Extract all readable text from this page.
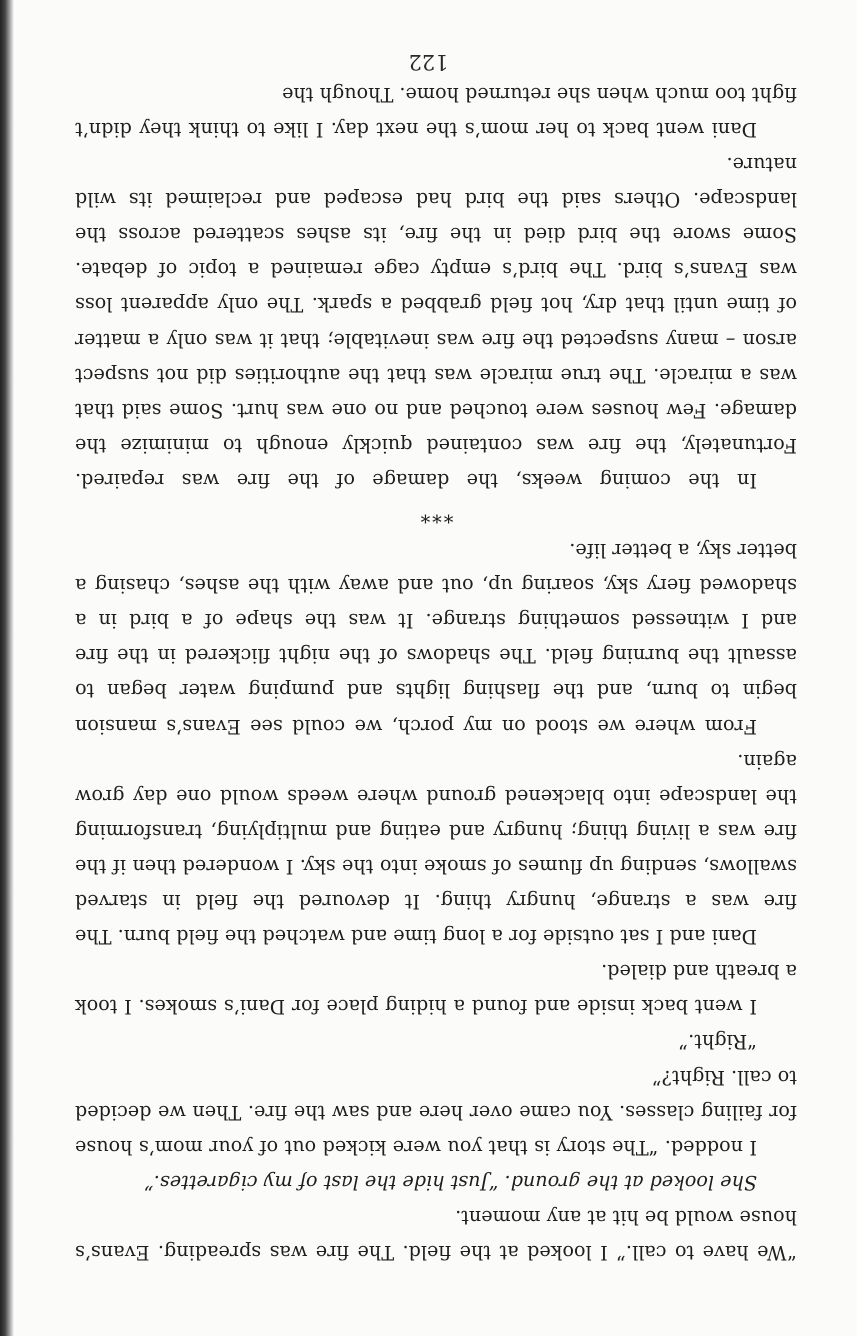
“We have to call.” I looked at the field. The fire was spreading. Evans’s house would be hit at any moment.

She looked at the ground. “Just hide the last of my cigarettes.”

I nodded. “The story is that you were kicked out of your mom’s house for failing classes. You came over here and saw the fire. Then we decided to call. Right?”

“Right.”

I went back inside and found a hiding place for Dani’s smokes. I took a breath and dialed.

Dani and I sat outside for a long time and watched the field burn. The fire was a strange, hungry thing. It devoured the field in starved swallows, sending up flumes of smoke into the sky. I wondered then if the fire was a living thing; hungry and eating and multiplying, transforming the landscape into blackened ground where weeds would one day grow again.

From where we stood on my porch, we could see Evans’s mansion begin to burn, and the flashing lights and pumping water began to assault the burning field. The shadows of the night flickered in the fire and I witnessed something strange. It was the shape of a bird in a shadowed fiery sky, soaring up, out and away with the ashes, chasing a better sky, a better life.

***

In the coming weeks, the damage of the fire was repaired. Fortunately, the fire was contained quickly enough to minimize the damage. Few houses were touched and no one was hurt. Some said that was a miracle. The true miracle was that the authorities did not suspect arson – many suspected the fire was inevitable; that it was only a matter of time until that dry, hot field grabbed a spark. The only apparent loss was Evans’s bird. The bird’s empty cage remained a topic of debate. Some swore the bird died in the fire, its ashes scattered across the landscape. Others said the bird had escaped and reclaimed its wild nature.

Dani went back to her mom’s the next day. I like to think they didn’t fight too much when she returned home. Though the

122
